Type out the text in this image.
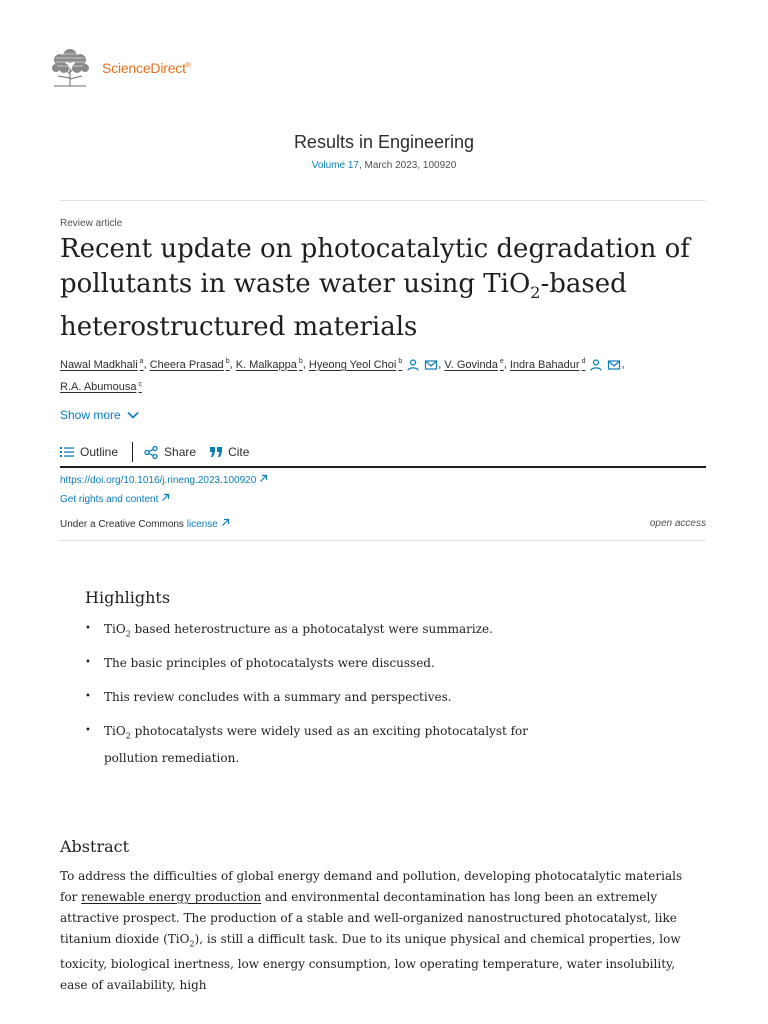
ScienceDirect®
Results in Engineering
Volume 17, March 2023, 100920
Review article
Recent update on photocatalytic degradation of pollutants in waste water using TiO$_2$-based heterostructured materials
Nawal Madkhali $^a$, Cheera Prasad $^b$, K. Malkappa $^b$, Hyeong Yeol Choi $^b$	, V. Govinda $^e$, Indra Bahadur $^d$	,
R.A. Abumousa $^c$
Show more
Outline	Share	Cite
https://doi.org/10.1016/j.rineng.2023.100920
Get rights and content
Under a Creative Commons license	open access
Highlights
•	TiO$_2$ based heterostructure as a photocatalyst were summarize.
•	The basic principles of photocatalysts were discussed.
•	This review concludes with a summary and perspectives.
•	TiO$_2$ photocatalysts were widely used as an exciting photocatalyst for pollution remediation.
Abstract
To address the difficulties of global energy demand and pollution, developing photocatalytic materials for renewable energy production and environmental decontamination has long been an extremely attractive prospect. The production of a stable and well-organized nanostructured photocatalyst, like titanium dioxide (TiO$_2$), is still a difficult task. Due to its unique physical and chemical properties, low toxicity, biological inertness, low energy consumption, low operating temperature, water insolubility, ease of availability, high
